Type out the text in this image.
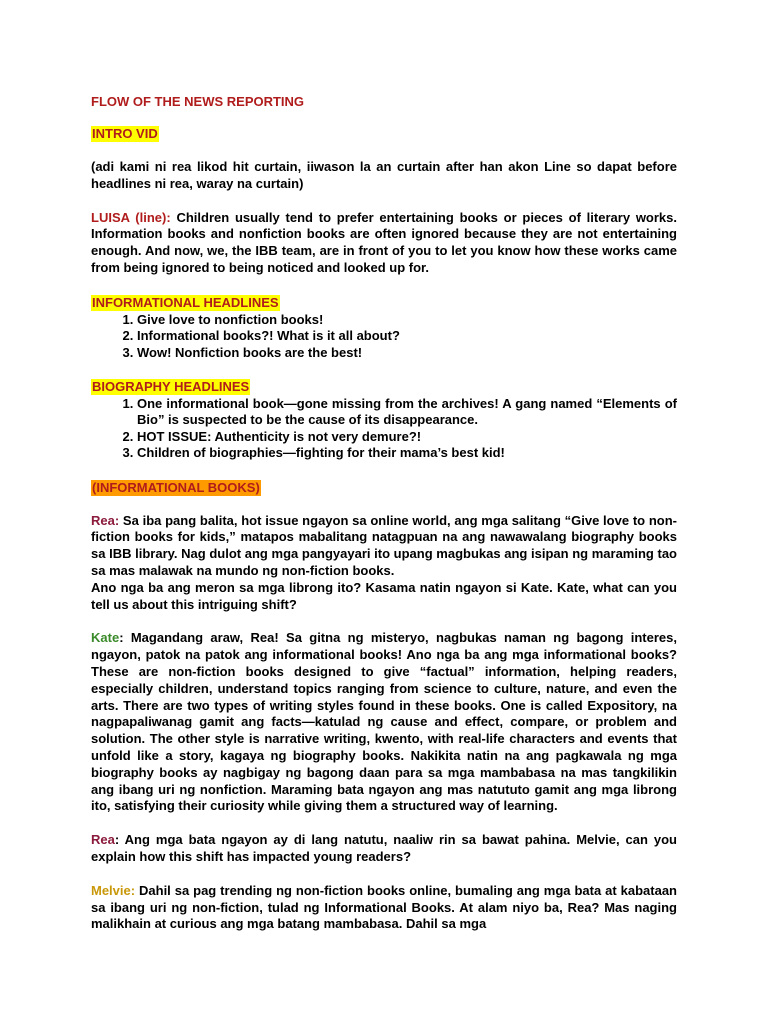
FLOW OF THE NEWS REPORTING
INTRO VID

(adi kami ni rea likod hit curtain, iiwason la an curtain after han akon Line so dapat before headlines ni rea, waray na curtain)

LUISA (line): Children usually tend to prefer entertaining books or pieces of literary works. Information books and nonfiction books are often ignored because they are not entertaining enough. And now, we, the IBB team, are in front of you to let you know how these works came from being ignored to being noticed and looked up for.

INFORMATIONAL HEADLINES
1. Give love to nonfiction books!
2. Informational books?! What is it all about?
3. Wow! Nonfiction books are the best!
BIOGRAPHY HEADLINES
1. One informational book—gone missing from the archives! A gang named “Elements of Bio” is suspected to be the cause of its disappearance.
2. HOT ISSUE: Authenticity is not very demure?!
3. Children of biographies—fighting for their mama’s best kid!
(INFORMATIONAL BOOKS)

Rea: Sa iba pang balita, hot issue ngayon sa online world, ang mga salitang “Give love to non-fiction books for kids,” matapos mabalitang natagpuan na ang nawawalang biography books sa IBB library. Nag dulot ang mga pangyayari ito upang magbukas ang isipan ng maraming tao sa mas malawak na mundo ng non-fiction books.

Ano nga ba ang meron sa mga librong ito? Kasama natin ngayon si Kate. Kate, what can you tell us about this intriguing shift?

Kate: Magandang araw, Rea! Sa gitna ng misteryo, nagbukas naman ng bagong interes, ngayon, patok na patok ang informational books! Ano nga ba ang mga informational books? These are non-fiction books designed to give “factual” information, helping readers, especially children, understand topics ranging from science to culture, nature, and even the arts. There are two types of writing styles found in these books. One is called Expository, na nagpapaliwanag gamit ang facts—katulad ng cause and effect, compare, or problem and solution. The other style is narrative writing, kwento, with real-life characters and events that unfold like a story, kagaya ng biography books. Nakikita natin na ang pagkawala ng mga biography books ay nagbigay ng bagong daan para sa mga mambabasa na mas tangkilikin ang ibang uri ng nonfiction. Maraming bata ngayon ang mas natututo gamit ang mga librong ito, satisfying their curiosity while giving them a structured way of learning.

Rea: Ang mga bata ngayon ay di lang natutu, naaliw rin sa bawat pahina. Melvie, can you explain how this shift has impacted young readers?

Melvie: Dahil sa pag trending ng non-fiction books online, bumaling ang mga bata at kabataan sa ibang uri ng non-fiction, tulad ng Informational Books. At alam niyo ba, Rea? Mas naging malikhain at curious ang mga batang mambabasa. Dahil sa mga
